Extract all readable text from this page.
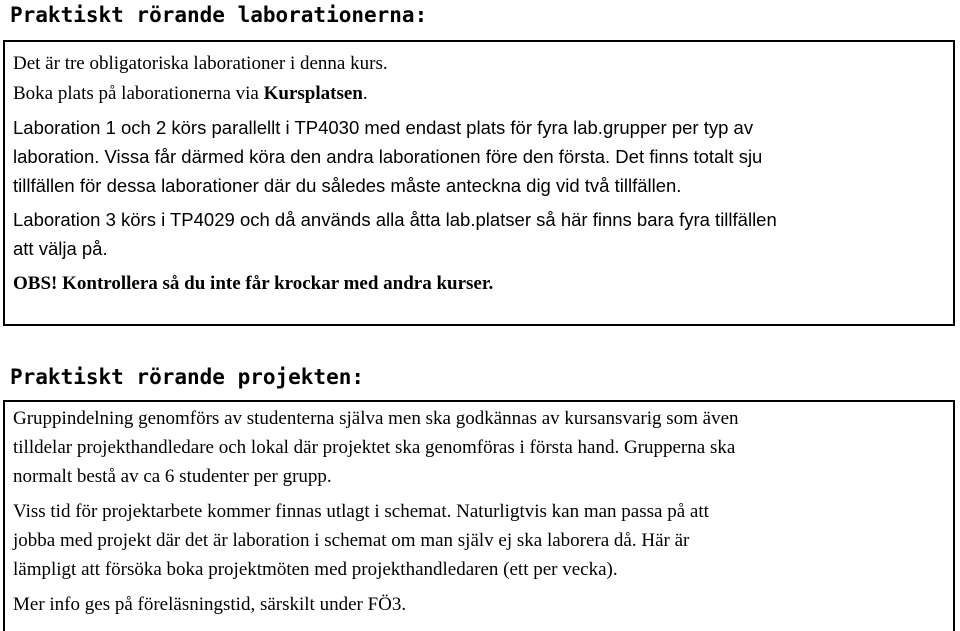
Praktiskt rörande laborationerna:

Det är tre obligatoriska laborationer i denna kurs.

Boka plats på laborationerna via Kursplatsen.

Laboration 1 och 2 körs parallellt i TP4030 med endast plats för fyra lab.grupper per typ av

laboration. Vissa får därmed köra den andra laborationen före den första. Det finns totalt sju

tillfällen för dessa laborationer där du således måste anteckna dig vid två tillfällen.

Laboration 3 körs i TP4029 och då används alla åtta lab.platser så här finns bara fyra tillfällen

att välja på.

OBS! Kontrollera så du inte får krockar med andra kurser.

Praktiskt rörande projekten:

Gruppindelning genomförs av studenterna själva men ska godkännas av kursansvarig som även

tilldelar projekthandledare och lokal där projektet ska genomföras i första hand. Grupperna ska

normalt bestå av ca 6 studenter per grupp.

Viss tid för projektarbete kommer finnas utlagt i schemat. Naturligtvis kan man passa på att

jobba med projekt där det är laboration i schemat om man själv ej ska laborera då. Här är

lämpligt att försöka boka projektmöten med projekthandledaren (ett per vecka).

Mer info ges på föreläsningstid, särskilt under FÖ3.
